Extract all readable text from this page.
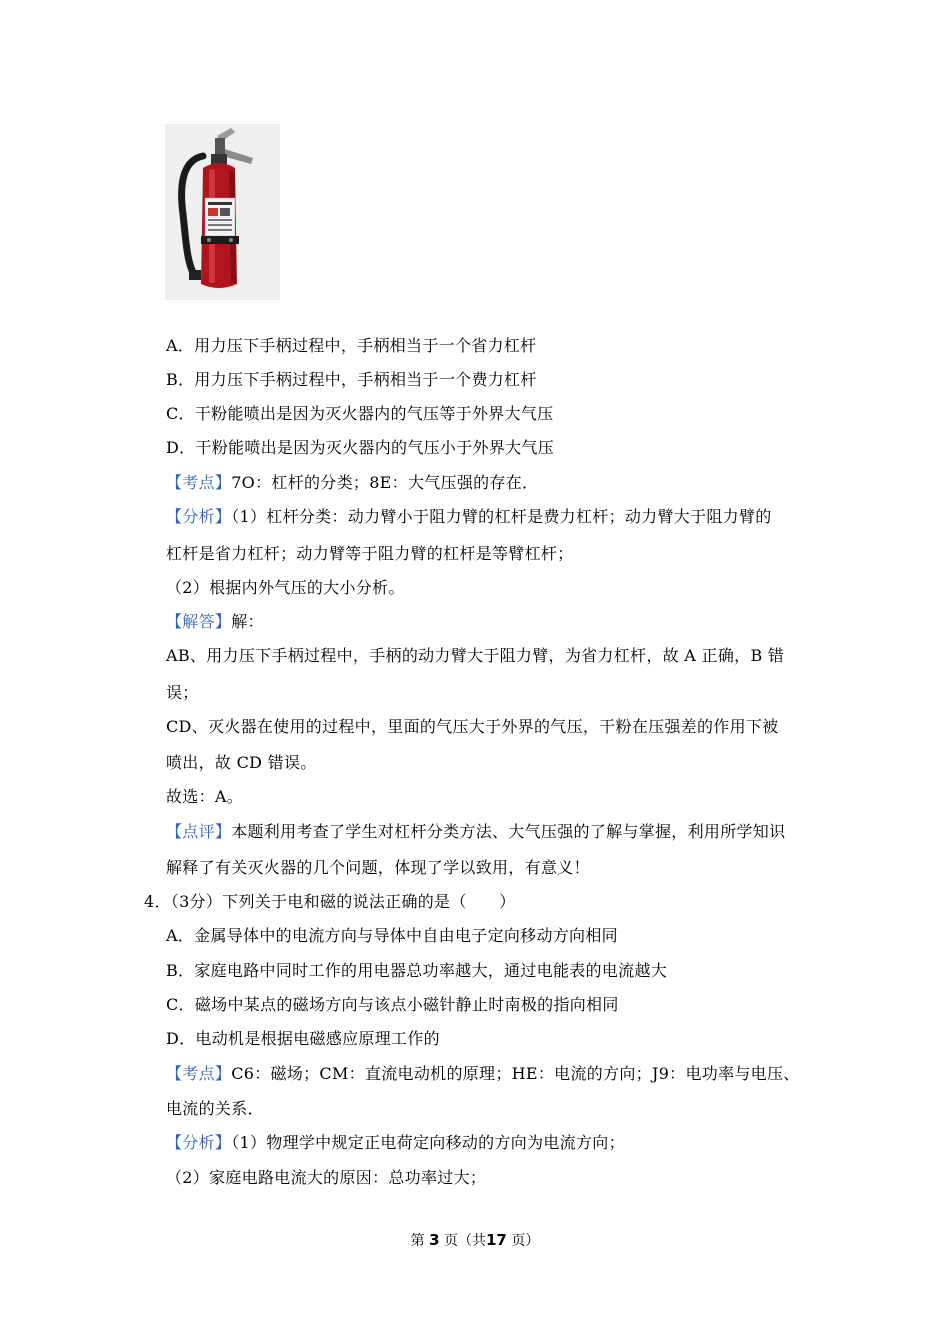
A．用力压下手柄过程中，手柄相当于一个省力杠杆
B．用力压下手柄过程中，手柄相当于一个费力杠杆
C．干粉能喷出是因为灭火器内的气压等于外界大气压
D．干粉能喷出是因为灭火器内的气压小于外界大气压
【考点】7O：杠杆的分类；8E：大气压强的存在．
【分析】（1）杠杆分类：动力臂小于阻力臂的杠杆是费力杠杆；动力臂大于阻力臂的
杠杆是省力杠杆；动力臂等于阻力臂的杠杆是等臂杠杆；
（2）根据内外气压的大小分析。
【解答】解：
AB、用力压下手柄过程中，手柄的动力臂大于阻力臂，为省力杠杆，故 A 正确，B 错
误；
CD、灭火器在使用的过程中，里面的气压大于外界的气压，干粉在压强差的作用下被
喷出，故 CD 错误。
故选：A。
【点评】本题利用考查了学生对杠杆分类方法、大气压强的了解与掌握，利用所学知识
解释了有关灭火器的几个问题，体现了学以致用，有意义！
4．（3分）下列关于电和磁的说法正确的是（　　）
A．金属导体中的电流方向与导体中自由电子定向移动方向相同
B．家庭电路中同时工作的用电器总功率越大，通过电能表的电流越大
C．磁场中某点的磁场方向与该点小磁针静止时南极的指向相同
D．电动机是根据电磁感应原理工作的
【考点】C6：磁场；CM：直流电动机的原理；HE：电流的方向；J9：电功率与电压、
电流的关系．
【分析】（1）物理学中规定正电荷定向移动的方向为电流方向；
（2）家庭电路电流大的原因：总功率过大；
第 3 页（共17 页）
